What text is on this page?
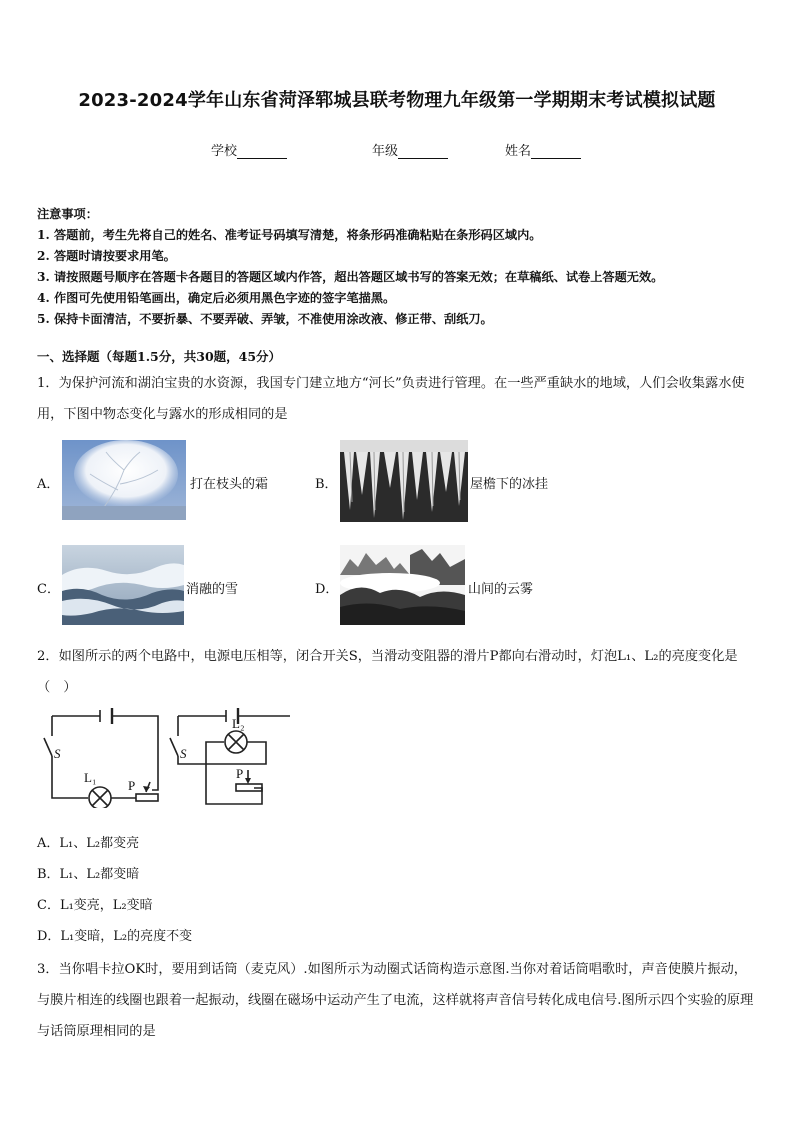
2023-2024学年山东省菏泽郓城县联考物理九年级第一学期期末考试模拟试题
学校	年级	姓名
注意事项：
1. 答题前，考生先将自己的姓名、准考证号码填写清楚，将条形码准确粘贴在条形码区域内。
2. 答题时请按要求用笔。
3. 请按照题号顺序在答题卡各题目的答题区域内作答，超出答题区域书写的答案无效；在草稿纸、试卷上答题无效。
4. 作图可先使用铅笔画出，确定后必须用黑色字迹的签字笔描黑。
5. 保持卡面清洁，不要折暴、不要弄破、弄皱，不准使用涂改液、修正带、刮纸刀。
一、选择题（每题1.5分，共30题，45分）
1．为保护河流和湖泊宝贵的水资源，我国专门建立地方“河长”负责进行管理。在一些严重缺水的地域，人们会收集露水使用，下图中物态变化与露水的形成相同的是
A．	打在枝头的霜	B．	屋檐下的冰挂
C．	消融的雪	D．	山间的云雾
2．如图所示的两个电路中，电源电压相等，闭合开关S，当滑动变阻器的滑片P都向右滑动时，灯泡L₁、L₂的亮度变化是（　）
S
L₁
P
S
L₂
P
A．L₁、L₂都变亮
B．L₁、L₂都变暗
C．L₁变亮，L₂变暗
D．L₁变暗，L₂的亮度不变
3．当你唱卡拉OK时，要用到话筒（麦克风）.如图所示为动圈式话筒构造示意图.当你对着话筒唱歌时，声音使膜片振动，与膜片相连的线圈也跟着一起振动，线圈在磁场中运动产生了电流，这样就将声音信号转化成电信号.图所示四个实验的原理与话筒原理相同的是
